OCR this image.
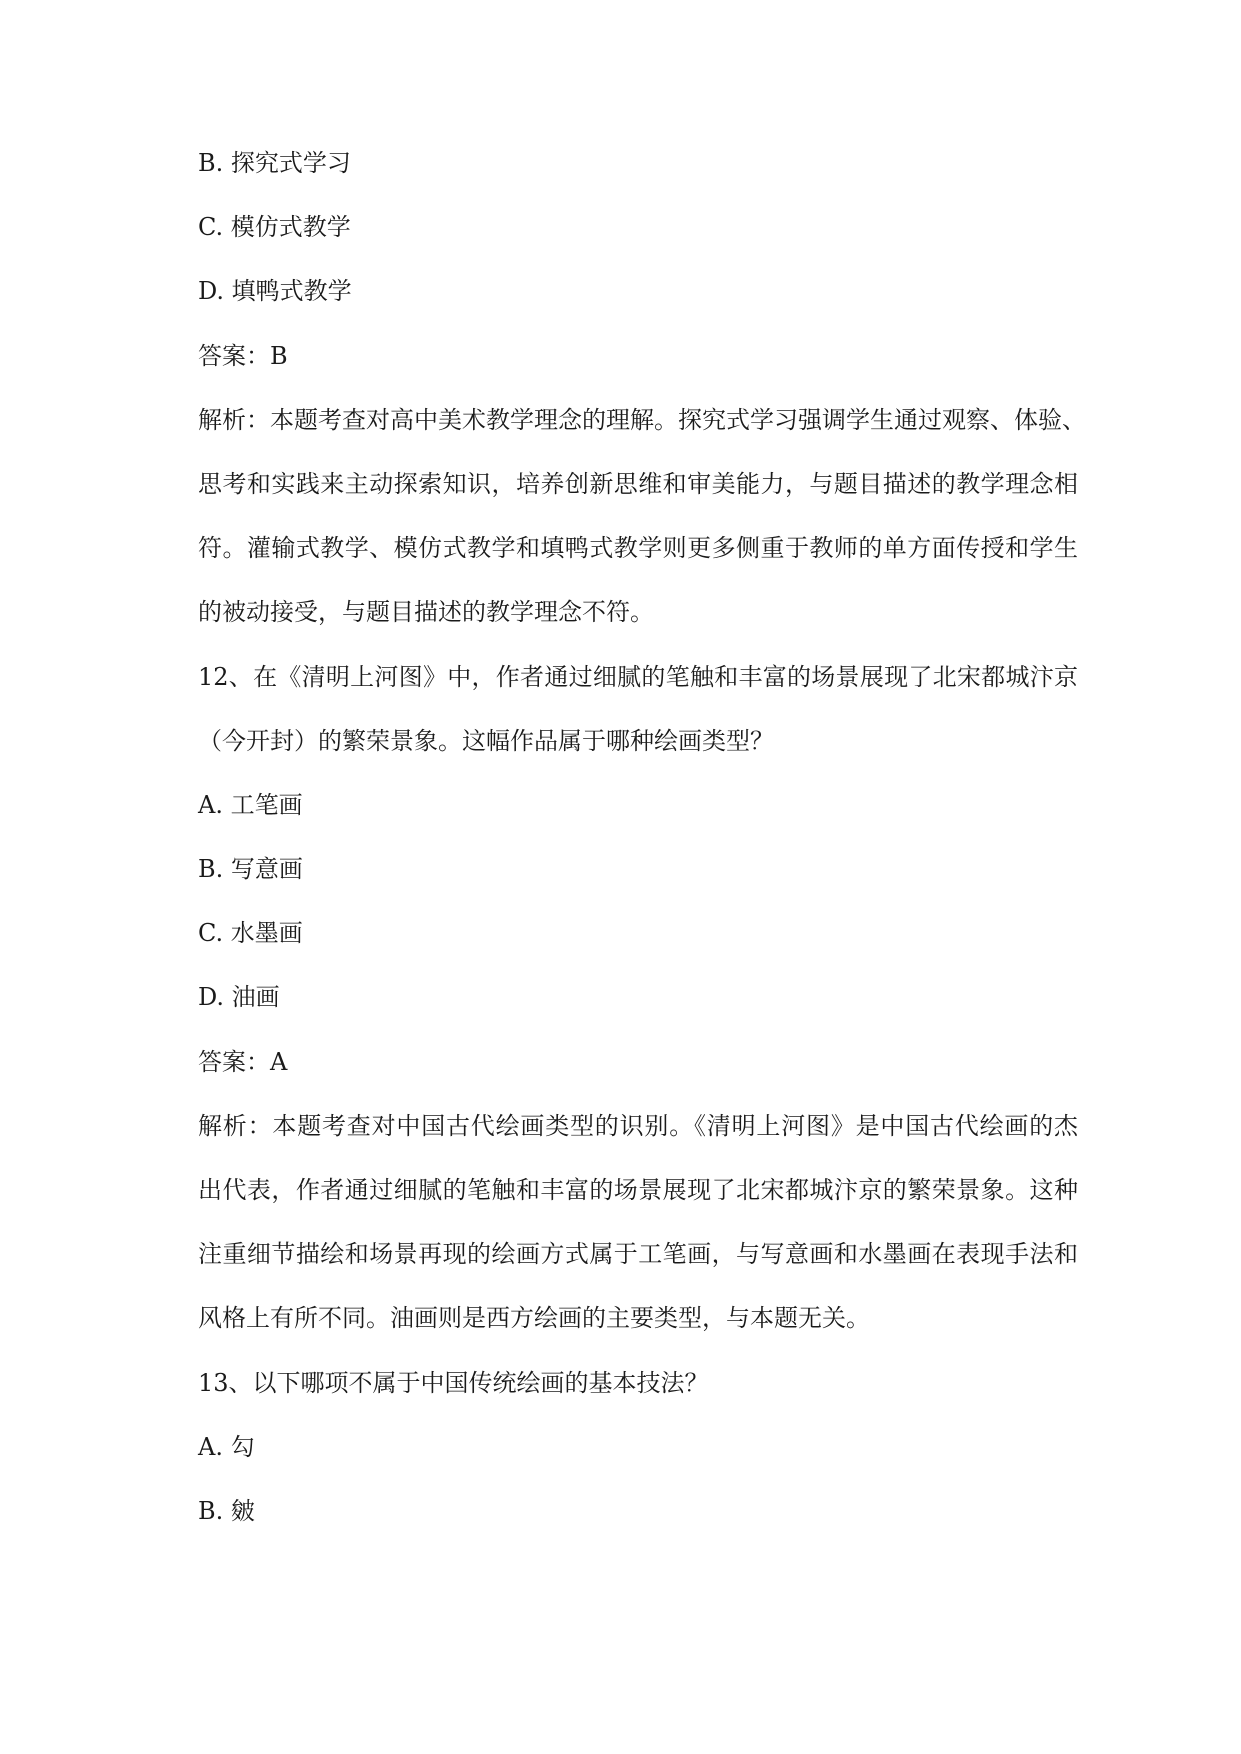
B. 探究式学习
C. 模仿式教学
D. 填鸭式教学
答案：B
解析：本题考查对高中美术教学理念的理解。探究式学习强调学生通过观察、体验、
思考和实践来主动探索知识，培养创新思维和审美能力，与题目描述的教学理念相
符。灌输式教学、模仿式教学和填鸭式教学则更多侧重于教师的单方面传授和学生
的被动接受，与题目描述的教学理念不符。
12、在《清明上河图》中，作者通过细腻的笔触和丰富的场景展现了北宋都城汴京
（今开封）的繁荣景象。这幅作品属于哪种绘画类型？
A. 工笔画
B. 写意画
C. 水墨画
D. 油画
答案：A
解析：本题考查对中国古代绘画类型的识别。《清明上河图》是中国古代绘画的杰
出代表，作者通过细腻的笔触和丰富的场景展现了北宋都城汴京的繁荣景象。这种
注重细节描绘和场景再现的绘画方式属于工笔画，与写意画和水墨画在表现手法和
风格上有所不同。油画则是西方绘画的主要类型，与本题无关。
13、以下哪项不属于中国传统绘画的基本技法？
A. 勾
B. 皴
